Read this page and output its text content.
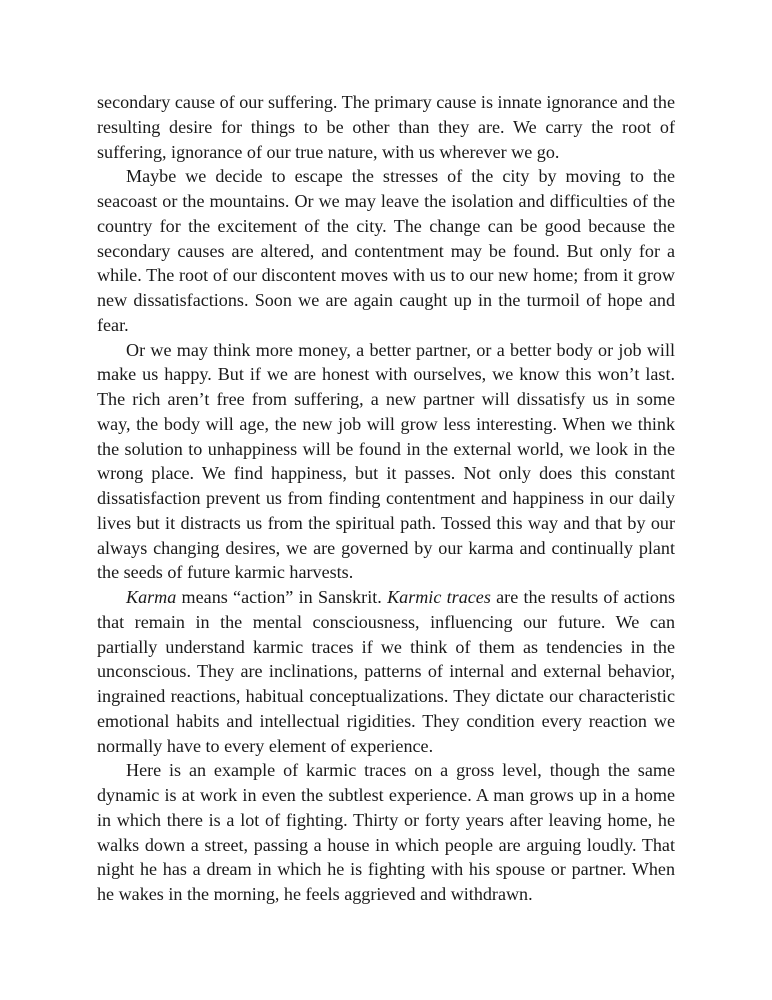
secondary cause of our suffering. The primary cause is innate ignorance and the resulting desire for things to be other than they are. We carry the root of suffering, ignorance of our true nature, with us wherever we go.

Maybe we decide to escape the stresses of the city by moving to the seacoast or the mountains. Or we may leave the isolation and difficulties of the country for the excitement of the city. The change can be good because the secondary causes are altered, and contentment may be found. But only for a while. The root of our discontent moves with us to our new home; from it grow new dissatisfactions. Soon we are again caught up in the turmoil of hope and fear.

Or we may think more money, a better partner, or a better body or job will make us happy. But if we are honest with ourselves, we know this won’t last. The rich aren’t free from suffering, a new partner will dissatisfy us in some way, the body will age, the new job will grow less interesting. When we think the solution to unhappiness will be found in the external world, we look in the wrong place. We find happiness, but it passes. Not only does this constant dissatisfaction prevent us from finding contentment and happiness in our daily lives but it distracts us from the spiritual path. Tossed this way and that by our always changing desires, we are governed by our karma and continually plant the seeds of future karmic harvests.

Karma means “action” in Sanskrit. Karmic traces are the results of actions that remain in the mental consciousness, influencing our future. We can partially understand karmic traces if we think of them as tendencies in the unconscious. They are inclinations, patterns of internal and external behavior, ingrained reactions, habitual conceptualizations. They dictate our characteristic emotional habits and intellectual rigidities. They condition every reaction we normally have to every element of experience.

Here is an example of karmic traces on a gross level, though the same dynamic is at work in even the subtlest experience. A man grows up in a home in which there is a lot of fighting. Thirty or forty years after leaving home, he walks down a street, passing a house in which people are arguing loudly. That night he has a dream in which he is fighting with his spouse or partner. When he wakes in the morning, he feels aggrieved and withdrawn.
